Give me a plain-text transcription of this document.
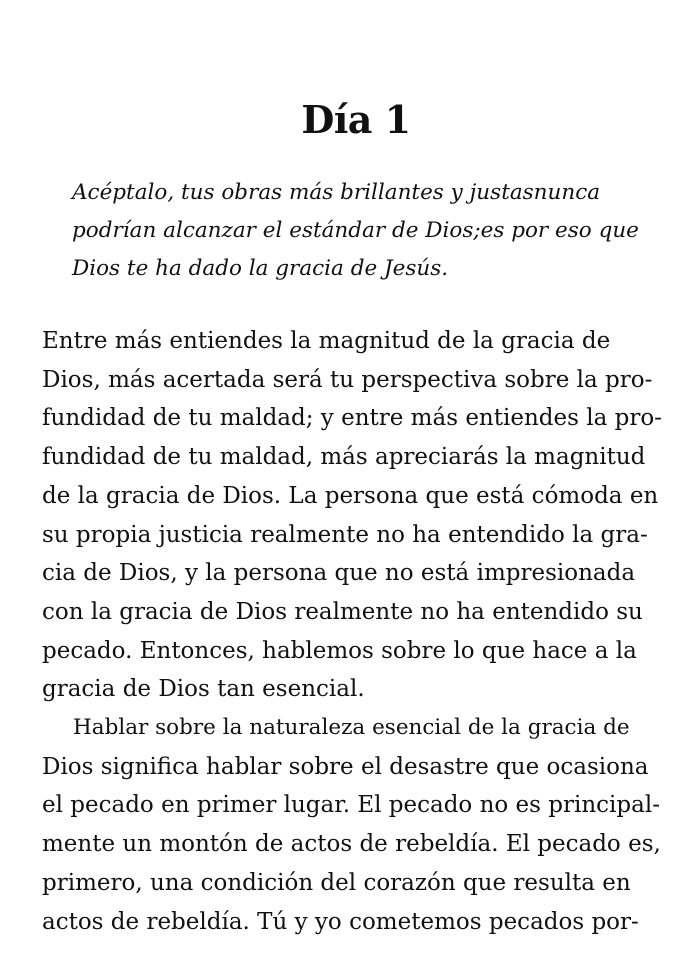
Día 1
Acéptalo, tus obras más brillantes y justasnunca
podrían alcanzar el estándar de Dios;es por eso que
Dios te ha dado la gracia de Jesús.
Entre más entiendes la magnitud de la gracia de
Dios, más acertada será tu perspectiva sobre la pro-
fundidad de tu maldad; y entre más entiendes la pro-
fundidad de tu maldad, más apreciarás la magnitud
de la gracia de Dios. La persona que está cómoda en
su propia justicia realmente no ha entendido la gra-
cia de Dios, y la persona que no está impresionada
con la gracia de Dios realmente no ha entendido su
pecado. Entonces, hablemos sobre lo que hace a la
gracia de Dios tan esencial.
Hablar sobre la naturaleza esencial de la gracia de
Dios significa hablar sobre el desastre que ocasiona
el pecado en primer lugar. El pecado no es principal-
mente un montón de actos de rebeldía. El pecado es,
primero, una condición del corazón que resulta en
actos de rebeldía. Tú y yo cometemos pecados por-
